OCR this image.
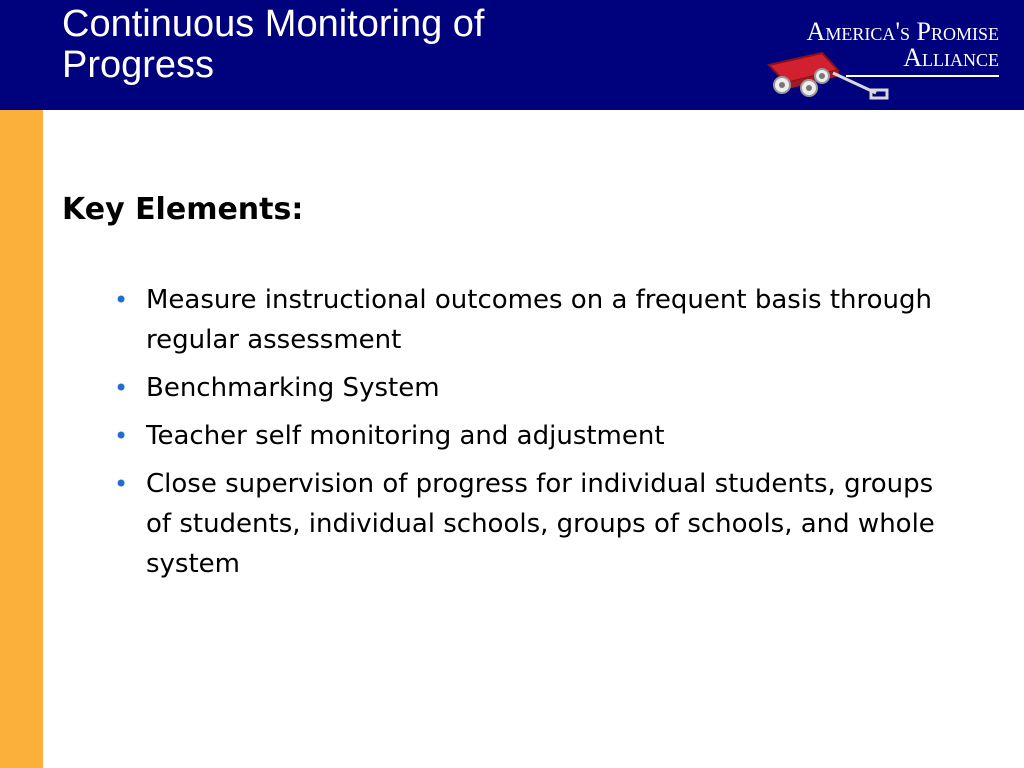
Continuous Monitoring of
Progress
America's Promise
Alliance
Key Elements:
• Measure instructional outcomes on a frequent basis through regular assessment
• Benchmarking System
• Teacher self monitoring and adjustment
• Close supervision of progress for individual students, groups of students, individual schools, groups of schools, and whole system
